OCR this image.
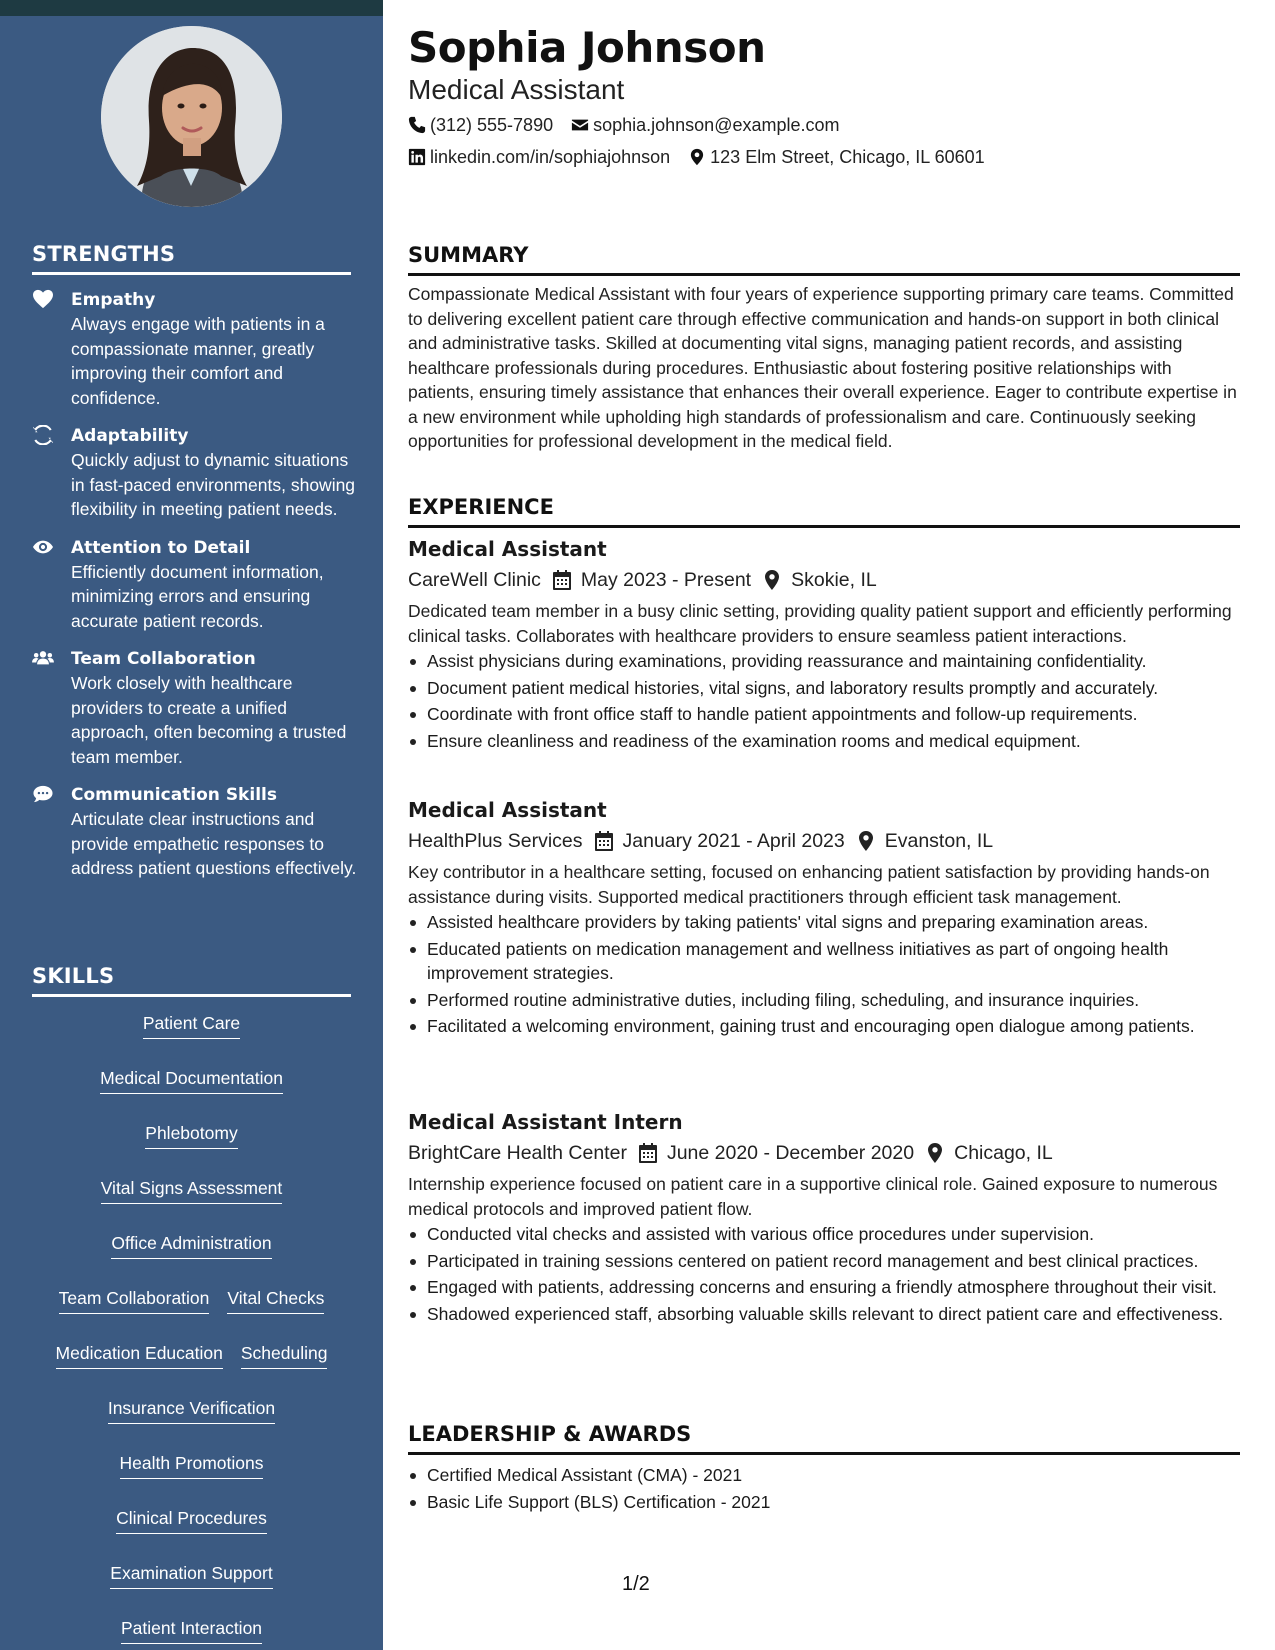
STRENGTHS
Empathy
Always engage with patients in a compassionate manner, greatly improving their comfort and confidence.
Adaptability
Quickly adjust to dynamic situations in fast-paced environments, showing flexibility in meeting patient needs.
Attention to Detail
Efficiently document information, minimizing errors and ensuring accurate patient records.
Team Collaboration
Work closely with healthcare providers to create a unified approach, often becoming a trusted team member.
Communication Skills
Articulate clear instructions and provide empathetic responses to address patient questions effectively.
SKILLS
Patient Care
Medical Documentation
Phlebotomy
Vital Signs Assessment
Office Administration
Team Collaboration Vital Checks
Medication Education Scheduling
Insurance Verification
Health Promotions
Clinical Procedures
Examination Support
Patient Interaction
Sophia Johnson
Medical Assistant
(312) 555-7890 sophia.johnson@example.com
linkedin.com/in/sophiajohnson 123 Elm Street, Chicago, IL 60601
SUMMARY

Compassionate Medical Assistant with four years of experience supporting primary care teams. Committed to delivering excellent patient care through effective communication and hands-on support in both clinical and administrative tasks. Skilled at documenting vital signs, managing patient records, and assisting healthcare professionals during procedures. Enthusiastic about fostering positive relationships with patients, ensuring timely assistance that enhances their overall experience. Eager to contribute expertise in a new environment while upholding high standards of professionalism and care. Continuously seeking opportunities for professional development in the medical field.

EXPERIENCE
Medical Assistant
CareWell Clinic May 2023 - Present Skokie, IL

Dedicated team member in a busy clinic setting, providing quality patient support and efficiently performing clinical tasks. Collaborates with healthcare providers to ensure seamless patient interactions.

Assist physicians during examinations, providing reassurance and maintaining confidentiality.
Document patient medical histories, vital signs, and laboratory results promptly and accurately.
Coordinate with front office staff to handle patient appointments and follow-up requirements.
Ensure cleanliness and readiness of the examination rooms and medical equipment.
Medical Assistant
HealthPlus Services January 2021 - April 2023 Evanston, IL

Key contributor in a healthcare setting, focused on enhancing patient satisfaction by providing hands-on assistance during visits. Supported medical practitioners through efficient task management.

Assisted healthcare providers by taking patients' vital signs and preparing examination areas.
Educated patients on medication management and wellness initiatives as part of ongoing health improvement strategies.
Performed routine administrative duties, including filing, scheduling, and insurance inquiries.
Facilitated a welcoming environment, gaining trust and encouraging open dialogue among patients.
Medical Assistant Intern
BrightCare Health Center June 2020 - December 2020 Chicago, IL

Internship experience focused on patient care in a supportive clinical role. Gained exposure to numerous medical protocols and improved patient flow.

Conducted vital checks and assisted with various office procedures under supervision.
Participated in training sessions centered on patient record management and best clinical practices.
Engaged with patients, addressing concerns and ensuring a friendly atmosphere throughout their visit.
Shadowed experienced staff, absorbing valuable skills relevant to direct patient care and effectiveness.
LEADERSHIP & AWARDS
Certified Medical Assistant (CMA) - 2021
Basic Life Support (BLS) Certification - 2021
1/2
